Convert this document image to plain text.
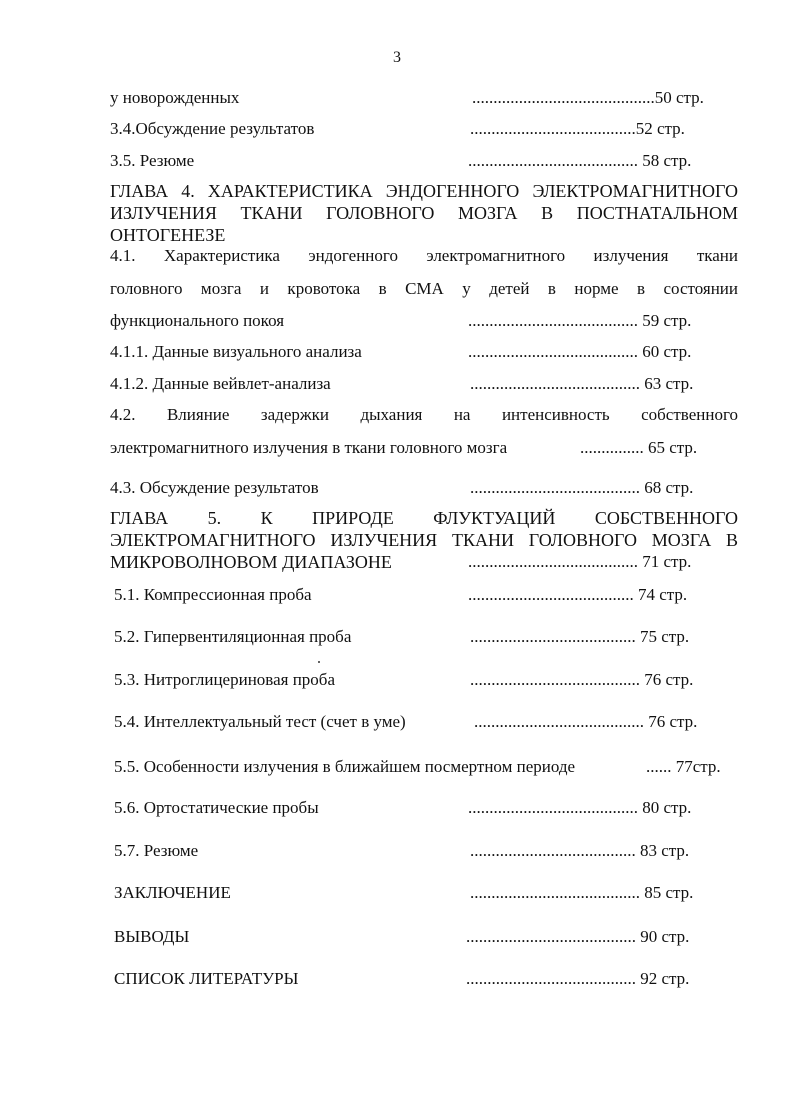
3
у новорожденных	...........................................50 стр.
3.4.Обсуждение результатов	.......................................52 стр.
3.5. Резюме	........................................ 58 стр.
ГЛАВА 4. ХАРАКТЕРИСТИКА ЭНДОГЕННОГО ЭЛЕКТРОМАГНИТНОГО
ИЗЛУЧЕНИЯ ТКАНИ ГОЛОВНОГО МОЗГА В ПОСТНАТАЛЬНОМ
ОНТОГЕНЕЗЕ
4.1. Характеристика эндогенного электромагнитного излучения ткани
головного мозга и кровотока в СМА у детей в норме в состоянии
функционального покоя	........................................ 59 стр.
4.1.1. Данные визуального анализа	........................................ 60 стр.
4.1.2. Данные вейвлет-анализа	........................................ 63 стр.
4.2. Влияние задержки дыхания на интенсивность собственного
электромагнитного излучения в ткани головного мозга	............... 65 стр.
4.3. Обсуждение результатов	........................................ 68 стр.
ГЛАВА 5. К ПРИРОДЕ ФЛУКТУАЦИЙ СОБСТВЕННОГО
ЭЛЕКТРОМАГНИТНОГО ИЗЛУЧЕНИЯ ТКАНИ ГОЛОВНОГО МОЗГА В
МИКРОВОЛНОВОМ ДИАПАЗОНЕ	........................................ 71 стр.
5.1. Компрессионная проба	....................................... 74 стр.
5.2. Гипервентиляционная проба	....................................... 75 стр.
5.3. Нитроглицериновая проба	........................................ 76 стр.
5.4. Интеллектуальный тест (счет в уме)	........................................ 76 стр.
5.5. Особенности излучения в ближайшем посмертном периоде	...... 77стр.
5.6. Ортостатические пробы	........................................ 80 стр.
5.7. Резюме	....................................... 83 стр.
ЗАКЛЮЧЕНИЕ	........................................ 85 стр.
ВЫВОДЫ	........................................ 90 стр.
СПИСОК ЛИТЕРАТУРЫ	........................................ 92 стр.
